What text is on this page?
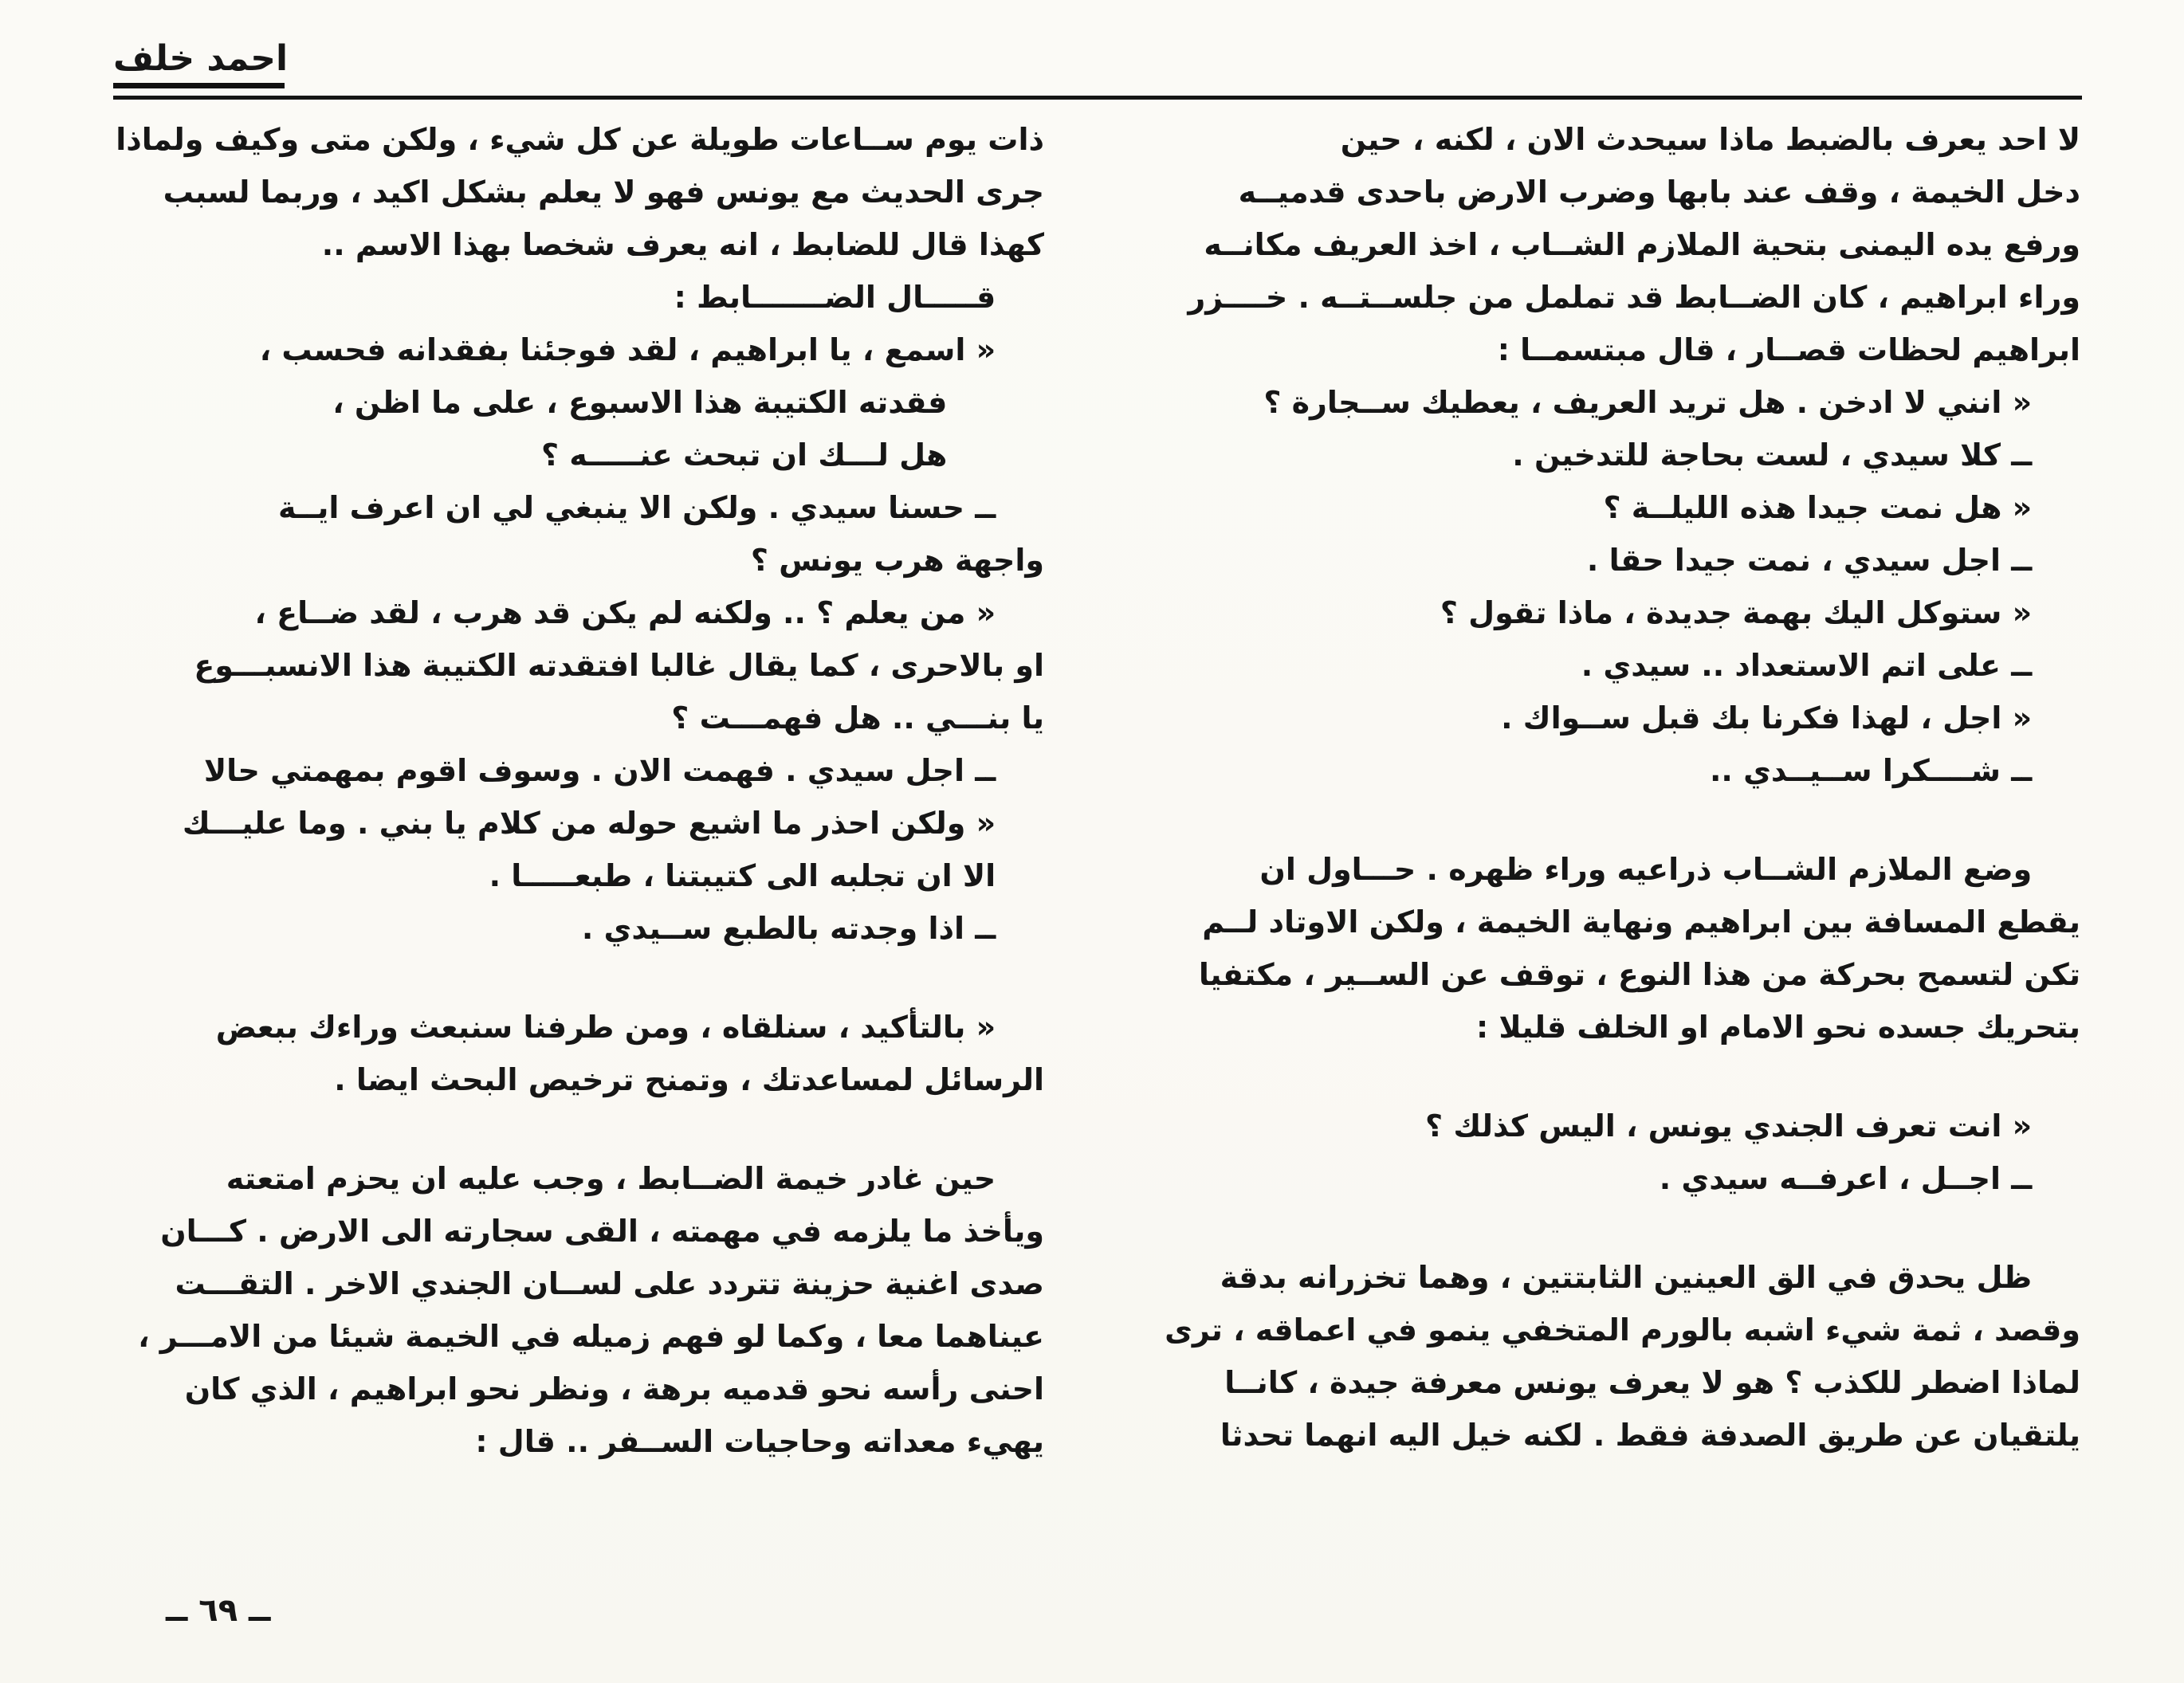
احمد خلف

لا احد يعرف بالضبط ماذا سيحدث الان ، لكنه ، حين

دخل الخيمة ، وقف عند بابها وضرب الارض باحدى قدميــه

ورفع يده اليمنى بتحية الملازم الشــاب ، اخذ العريف مكانــه

وراء ابراهيم ، كان الضــابط قد تململ من جلســتــه . خــــزر

ابراهيم لحظات قصــار ، قال مبتسمــا :

« انني لا ادخن . هل تريد العريف ، يعطيك ســجارة ؟

ــ كلا سيدي ، لست بحاجة للتدخين .

« هل نمت جيدا هذه الليلــة ؟

ــ اجل سيدي ، نمت جيدا حقا .

« ستوكل اليك بهمة جديدة ، ماذا تقول ؟

ــ على اتم الاستعداد .. سيدي .

« اجل ، لهذا فكرنا بك قبل ســواك .

ــ شــــكرا ســيــدي ..

وضع الملازم الشــاب ذراعيه وراء ظهره . حـــاول ان

يقطع المسافة بين ابراهيم ونهاية الخيمة ، ولكن الاوتاد لــم

تكن لتسمح بحركة من هذا النوع ، توقف عن الســير ، مكتفيا

بتحريك جسده نحو الامام او الخلف قليلا :

« انت تعرف الجندي يونس ، اليس كذلك ؟

ــ اجــل ، اعرفــه سيدي .

ظل يحدق في الق العينين الثابتتين ، وهما تخزرانه بدقة

وقصد ، ثمة شيء اشبه بالورم المتخفي ينمو في اعماقه ، ترى

لماذا اضطر للكذب ؟ هو لا يعرف يونس معرفة جيدة ، كانــا

يلتقيان عن طريق الصدفة فقط . لكنه خيل اليه انهما تحدثا

ذات يوم ســاعات طويلة عن كل شيء ، ولكن متى وكيف ولماذا

جرى الحديث مع يونس فهو لا يعلم بشكل اكيد ، وربما لسبب

كهذا قال للضابط ، انه يعرف شخصا بهذا الاسم ..

قـــــال الضـــــــابط :

« اسمع ، يا ابراهيم ، لقد فوجئنا بفقدانه فحسب ،

فقدته الكتيبة هذا الاسبوع ، على ما اظن ،

هل لـــك ان تبحث عنـــــه ؟

ــ حسنا سيدي . ولكن الا ينبغي لي ان اعرف ايــة

واجهة هرب يونس ؟

« من يعلم ؟ .. ولكنه لم يكن قد هرب ، لقد ضــاع ،

او بالاحرى ، كما يقال غالبا افتقدته الكتيبة هذا الانسبـــوع

يا بنـــي .. هل فهمـــت ؟

ــ اجل سيدي . فهمت الان . وسوف اقوم بمهمتي حالا

« ولكن احذر ما اشيع حوله من كلام يا بني . وما عليـــك

الا ان تجلبه الى كتيبتنا ، طبعـــــا .

ــ اذا وجدته بالطبع ســيدي .

« بالتأكيد ، سنلقاه ، ومن طرفنا سنبعث وراءك ببعض

الرسائل لمساعدتك ، وتمنح ترخيص البحث ايضا .

حين غادر خيمة الضــابط ، وجب عليه ان يحزم امتعته

ويأخذ ما يلزمه في مهمته ، القى سجارته الى الارض . كـــان

صدى اغنية حزينة تتردد على لســان الجندي الاخر . التقـــت

عيناهما معا ، وكما لو فهم زميله في الخيمة شيئا من الامـــر ،

احنى رأسه نحو قدميه برهة ، ونظر نحو ابراهيم ، الذي كان

يهيء معداته وحاجيات الســفر .. قال :

ــ ٦٩ ــ
